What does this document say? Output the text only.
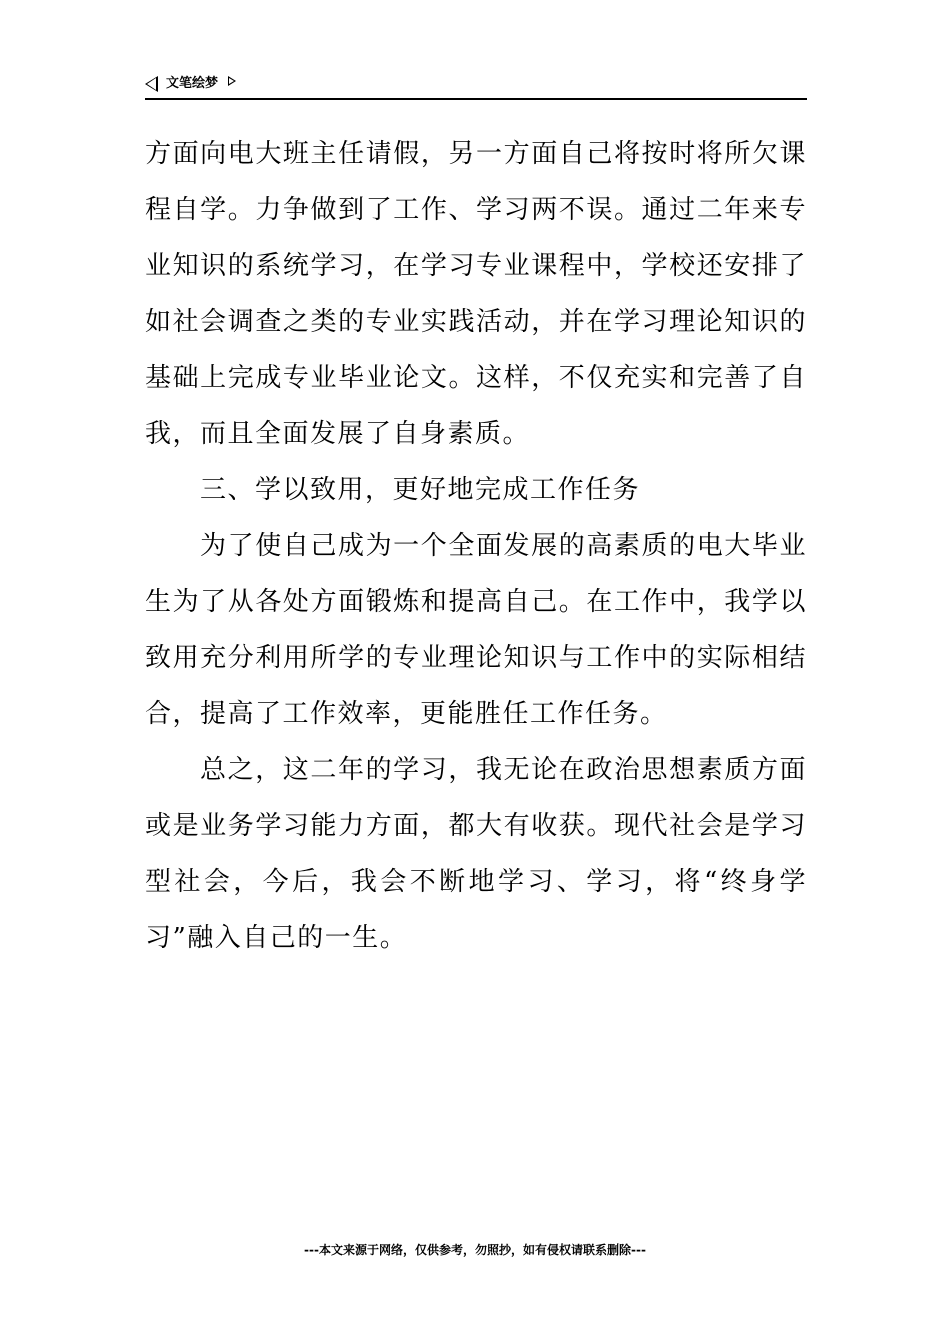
文笔绘梦

方面向电大班主任请假，另一方面自己将按时将所欠课程自学。力争做到了工作、学习两不误。通过二年来专业知识的系统学习，在学习专业课程中，学校还安排了如社会调查之类的专业实践活动，并在学习理论知识的基础上完成专业毕业论文。这样，不仅充实和完善了自我，而且全面发展了自身素质。

三、学以致用，更好地完成工作任务

为了使自己成为一个全面发展的高素质的电大毕业生为了从各处方面锻炼和提高自己。在工作中，我学以致用充分利用所学的专业理论知识与工作中的实际相结合，提高了工作效率，更能胜任工作任务。

总之，这二年的学习，我无论在政治思想素质方面或是业务学习能力方面，都大有收获。现代社会是学习型社会，今后，我会不断地学习、学习，将“终身学习”融入自己的一生。

---本文来源于网络，仅供参考，勿照抄，如有侵权请联系删除---
